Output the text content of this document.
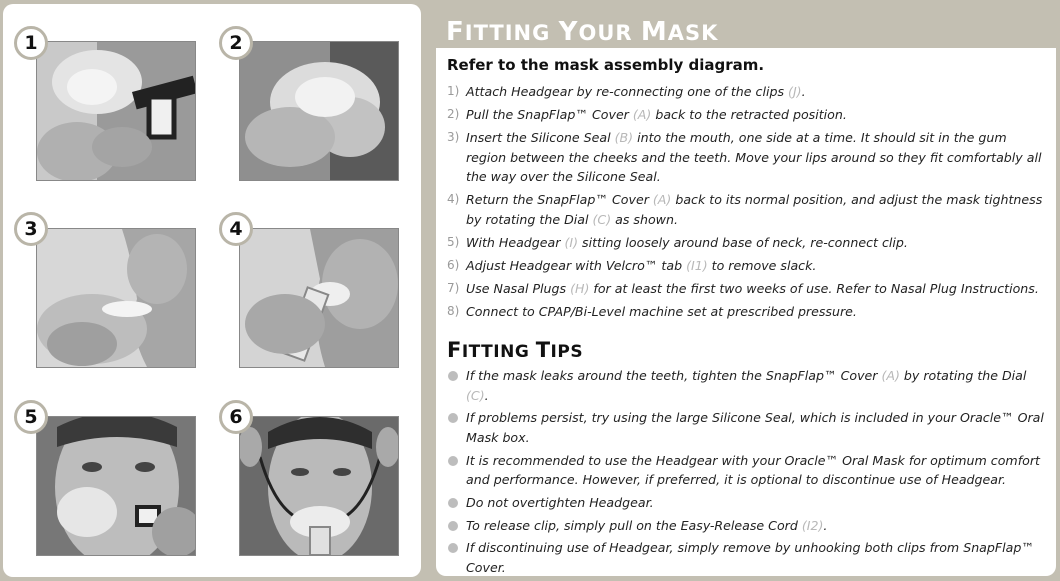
1	2
3	4
5	6
FITTING YOUR MASK
Refer to the mask assembly diagram.
1) Attach Headgear by re-connecting one of the clips (J).
2) Pull the SnapFlap™ Cover (A) back to the retracted position.
3) Insert the Silicone Seal (B) into the mouth, one side at a time. It should sit in the gum region between the cheeks and the teeth. Move your lips around so they fit comfortably all the way over the Silicone Seal.
4) Return the SnapFlap™ Cover (A) back to its normal position, and adjust the mask tightness by rotating the Dial (C) as shown.
5) With Headgear (I) sitting loosely around base of neck, re-connect clip.
6) Adjust Headgear with Velcro™ tab (I1) to remove slack.
7) Use Nasal Plugs (H) for at least the first two weeks of use. Refer to Nasal Plug Instructions.
8) Connect to CPAP/Bi-Level machine set at prescribed pressure.
FITTING TIPS
If the mask leaks around the teeth, tighten the SnapFlap™ Cover (A) by rotating the Dial (C).
If problems persist, try using the large Silicone Seal, which is included in your Oracle™ Oral Mask box.
It is recommended to use the Headgear with your Oracle™ Oral Mask for optimum comfort and performance. However, if preferred, it is optional to discontinue use of Headgear.
Do not overtighten Headgear.
To release clip, simply pull on the Easy-Release Cord (I2).
If discontinuing use of Headgear, simply remove by unhooking both clips from SnapFlap™ Cover.
